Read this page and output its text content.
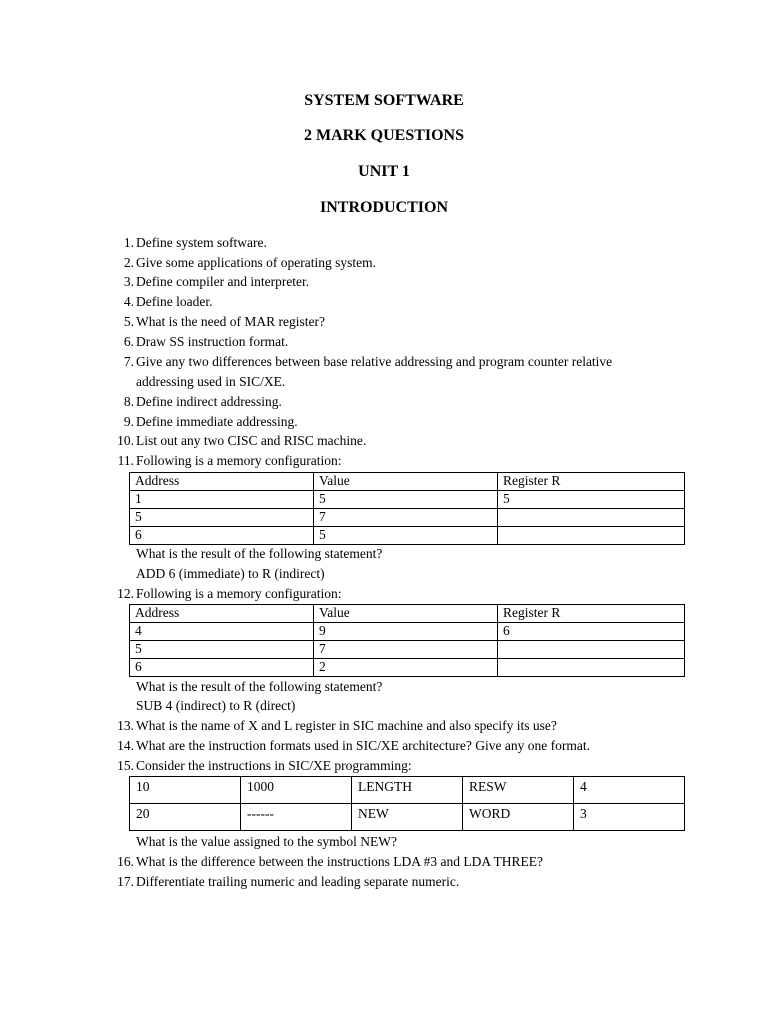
SYSTEM SOFTWARE
2 MARK QUESTIONS
UNIT 1
INTRODUCTION
1. Define system software.
2. Give some applications of operating system.
3. Define compiler and interpreter.
4. Define loader.
5. What is the need of MAR register?
6. Draw SS instruction format.
7. Give any two differences between base relative addressing and program counter relative
addressing used in SIC/XE.
8. Define indirect addressing.
9. Define immediate addressing.
10. List out any two CISC and RISC machine.
11. Following is a memory configuration:
Address	Value	Register R
1	5	5
5	7	
6	5	
What is the result of the following statement?
ADD 6 (immediate) to R (indirect)
12. Following is a memory configuration:
Address	Value	Register R
4	9	6
5	7	
6	2	
What is the result of the following statement?
SUB 4 (indirect) to R (direct)
13. What is the name of X and L register in SIC machine and also specify its use?
14. What are the instruction formats used in SIC/XE architecture? Give any one format.
15. Consider the instructions in SIC/XE programming:
10	1000	LENGTH	RESW	4
20	------	NEW	WORD	3
What is the value assigned to the symbol NEW?
16. What is the difference between the instructions LDA #3 and LDA THREE?
17. Differentiate trailing numeric and leading separate numeric.
